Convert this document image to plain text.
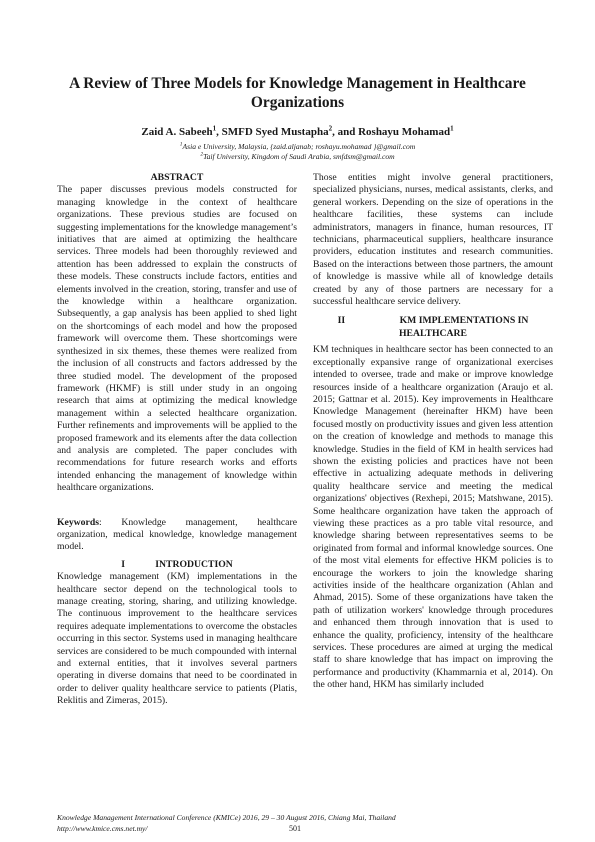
A Review of Three Models for Knowledge Management in Healthcare Organizations
Zaid A. Sabeeh$^1$, SMFD Syed Mustapha$^2$, and Roshayu Mohamad$^1$
$^1$Asia e University, Malaysia, {zaid.aljanab; roshayu.mohamad }@gmail.com
$^2$Taif University, Kingdom of Saudi Arabia, smfdsm@gmail.com
ABSTRACT

The paper discusses previous models constructed for managing knowledge in the context of healthcare organizations. These previous studies are focused on suggesting implementations for the knowledge management’s initiatives that are aimed at optimizing the healthcare services. Three models had been thoroughly reviewed and attention has been addressed to explain the constructs of these models. These constructs include factors, entities and elements involved in the creation, storing, transfer and use of the knowledge within a healthcare organization. Subsequently, a gap analysis has been applied to shed light on the shortcomings of each model and how the proposed framework will overcome them. These shortcomings were synthesized in six themes, these themes were realized from the inclusion of all constructs and factors addressed by the three studied model. The development of the proposed framework (HKMF) is still under study in an ongoing research that aims at optimizing the medical knowledge management within a selected healthcare organization. Further refinements and improvements will be applied to the proposed framework and its elements after the data collection and analysis are completed. The paper concludes with recommendations for future research works and efforts intended enhancing the management of knowledge within healthcare organizations.

Keywords: Knowledge management, healthcare organization, medical knowledge, knowledge management model.

I	INTRODUCTION

Knowledge management (KM) implementations in the healthcare sector depend on the technological tools to manage creating, storing, sharing, and utilizing knowledge. The continuous improvement to the healthcare services requires adequate implementations to overcome the obstacles occurring in this sector. Systems used in managing healthcare services are considered to be much compounded with internal and external entities, that it involves several partners operating in diverse domains that need to be coordinated in order to deliver quality healthcare service to patients (Platis, Reklitis and Zimeras, 2015).

Those entities might involve general practitioners, specialized physicians, nurses, medical assistants, clerks, and general workers. Depending on the size of operations in the healthcare facilities, these systems can include administrators, managers in finance, human resources, IT technicians, pharmaceutical suppliers, healthcare insurance providers, education institutes and research communities. Based on the interactions between those partners, the amount of knowledge is massive while all of knowledge details created by any of those partners are necessary for a successful healthcare service delivery.

II	KM IMPLEMENTATIONS IN
HEALTHCARE

KM techniques in healthcare sector has been connected to an exceptionally expansive range of organizational exercises intended to oversee, trade and make or improve knowledge resources inside of a healthcare organization (Araujo et al. 2015; Gattnar et al. 2015). Key improvements in Healthcare Knowledge Management (hereinafter HKM) have been focused mostly on productivity issues and given less attention on the creation of knowledge and methods to manage this knowledge. Studies in the field of KM in health services had shown the existing policies and practices have not been effective in actualizing adequate methods in delivering quality healthcare service and meeting the medical organizations' objectives (Rexhepi, 2015; Matshwane, 2015). Some healthcare organization have taken the approach of viewing these practices as a pro table vital resource, and knowledge sharing between representatives seems to be originated from formal and informal knowledge sources. One of the most vital elements for effective HKM policies is to encourage the workers to join the knowledge sharing activities inside of the healthcare organization (Ahlan and Ahmad, 2015). Some of these organizations have taken the path of utilization workers' knowledge through procedures and enhanced them through innovation that is used to enhance the quality, proficiency, intensity of the healthcare services. These procedures are aimed at urging the medical staff to share knowledge that has impact on improving the performance and productivity (Khammarnia et al, 2014). On the other hand, HKM has similarly included

Knowledge Management International Conference (KMICe) 2016, 29 – 30 August 2016, Chiang Mai, Thailand
http://www.kmice.cms.net.my/	501
